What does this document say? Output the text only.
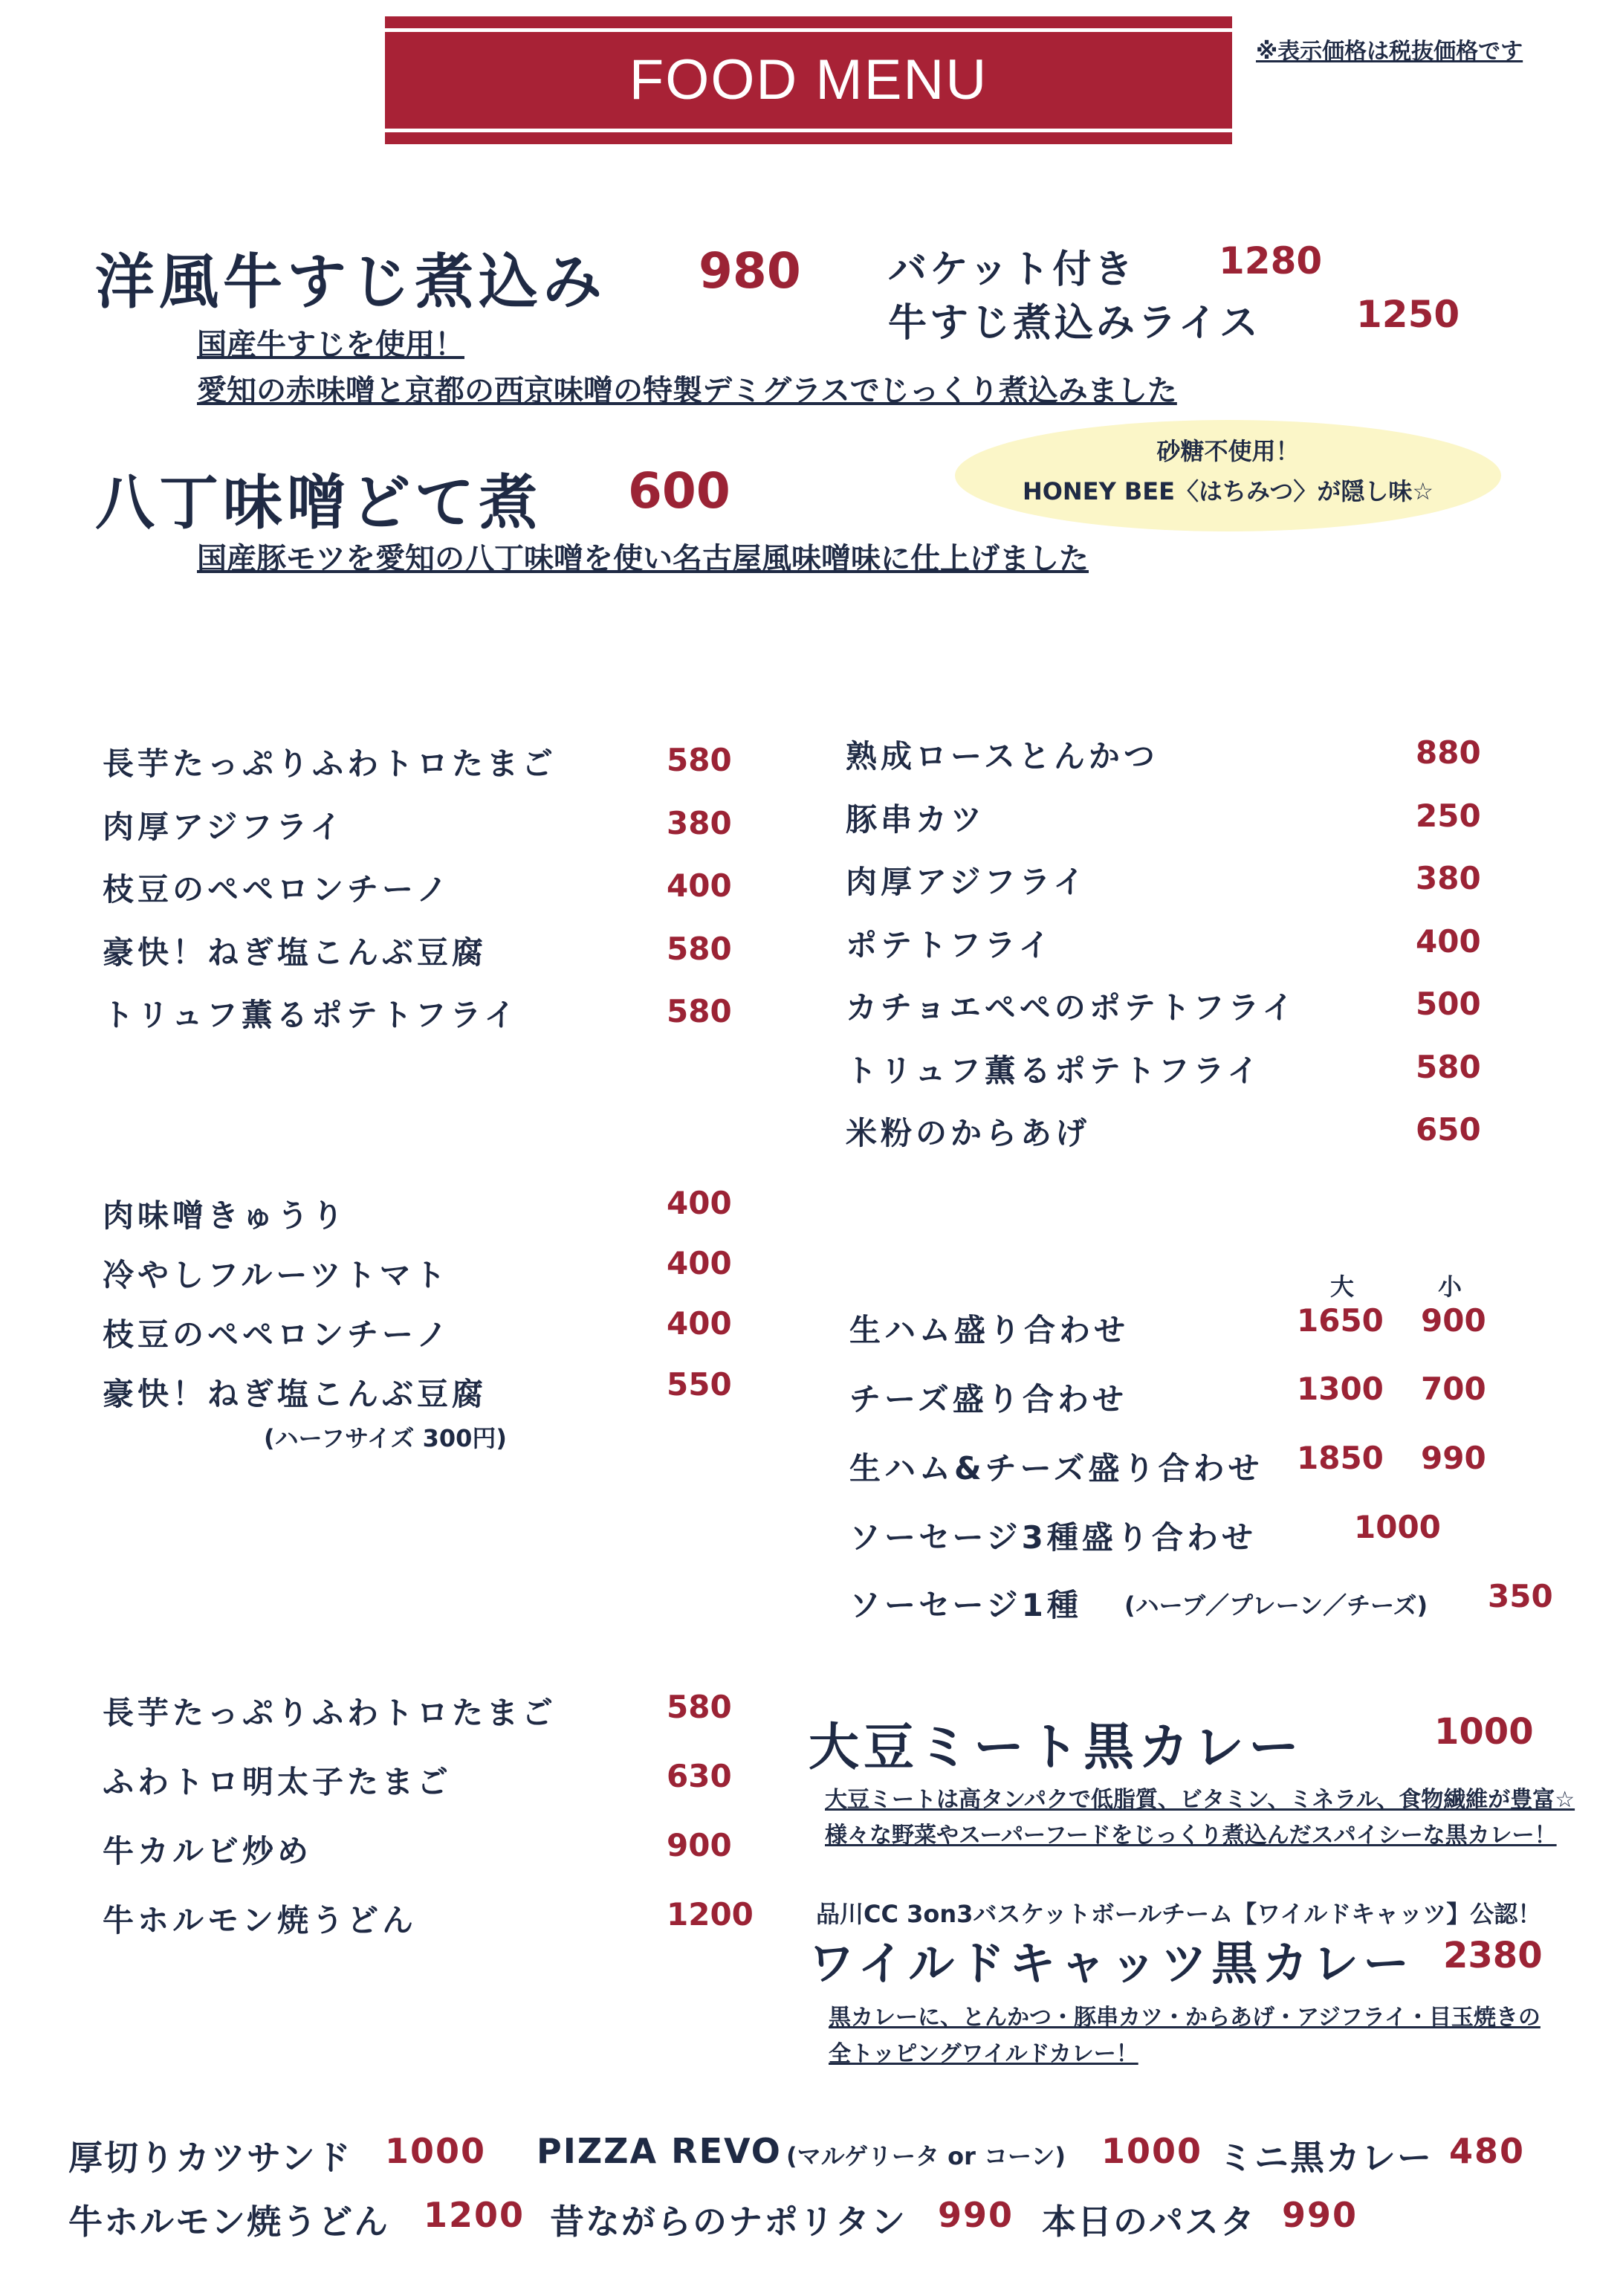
FOOD MENU	※表示価格は税抜価格です
洋風牛すじ煮込み 980 バケット付き 1280
牛すじ煮込みライス	1250
国産牛すじを使用！
愛知の赤味噌と京都の西京味噌の特製デミグラスでじっくり煮込みました
砂糖不使用！
HONEY BEE〈はちみつ〉が隠し味☆
八丁味噌どて煮 600
国産豚モツを愛知の八丁味噌を使い名古屋風味噌味に仕上げました
長芋たっぷりふわトロたまご	580
肉厚アジフライ	380
枝豆のペペロンチーノ	400
豪快！ねぎ塩こんぶ豆腐	580
トリュフ薫るポテトフライ	580
熟成ロースとんかつ	880
豚串カツ	250
肉厚アジフライ	380
ポテトフライ	400
カチョエペペのポテトフライ	500
トリュフ薫るポテトフライ	580
米粉のからあげ	650
肉味噌きゅうり	400
冷やしフルーツトマト	400
枝豆のペペロンチーノ	400
豪快！ねぎ塩こんぶ豆腐	550
(ハーフサイズ 300円)
大	小
生ハム盛り合わせ	1650 900
チーズ盛り合わせ	1300 700
生ハム&チーズ盛り合わせ 1850 990
ソーセージ3種盛り合わせ	1000
ソーセージ1種 (ハーブ／プレーン／チーズ) 350
長芋たっぷりふわトロたまご	580
ふわトロ明太子たまご	630
牛カルビ炒め	900
牛ホルモン焼うどん	1200
大豆ミート黒カレー	1000
大豆ミートは高タンパクで低脂質、ビタミン、ミネラル、食物繊維が豊富☆
様々な野菜やスーパーフードをじっくり煮込んだスパイシーな黒カレー！
品川CC 3on3バスケットボールチーム【ワイルドキャッツ】公認！
ワイルドキャッツ黒カレー 2380
黒カレーに、とんかつ・豚串カツ・からあげ・アジフライ・目玉焼きの
全トッピングワイルドカレー！
厚切りカツサンド 1000 PIZZA REVO (マルゲリータ or コーン) 1000 ミニ黒カレー 480
牛ホルモン焼うどん 1200 昔ながらのナポリタン 990 本日のパスタ 990
